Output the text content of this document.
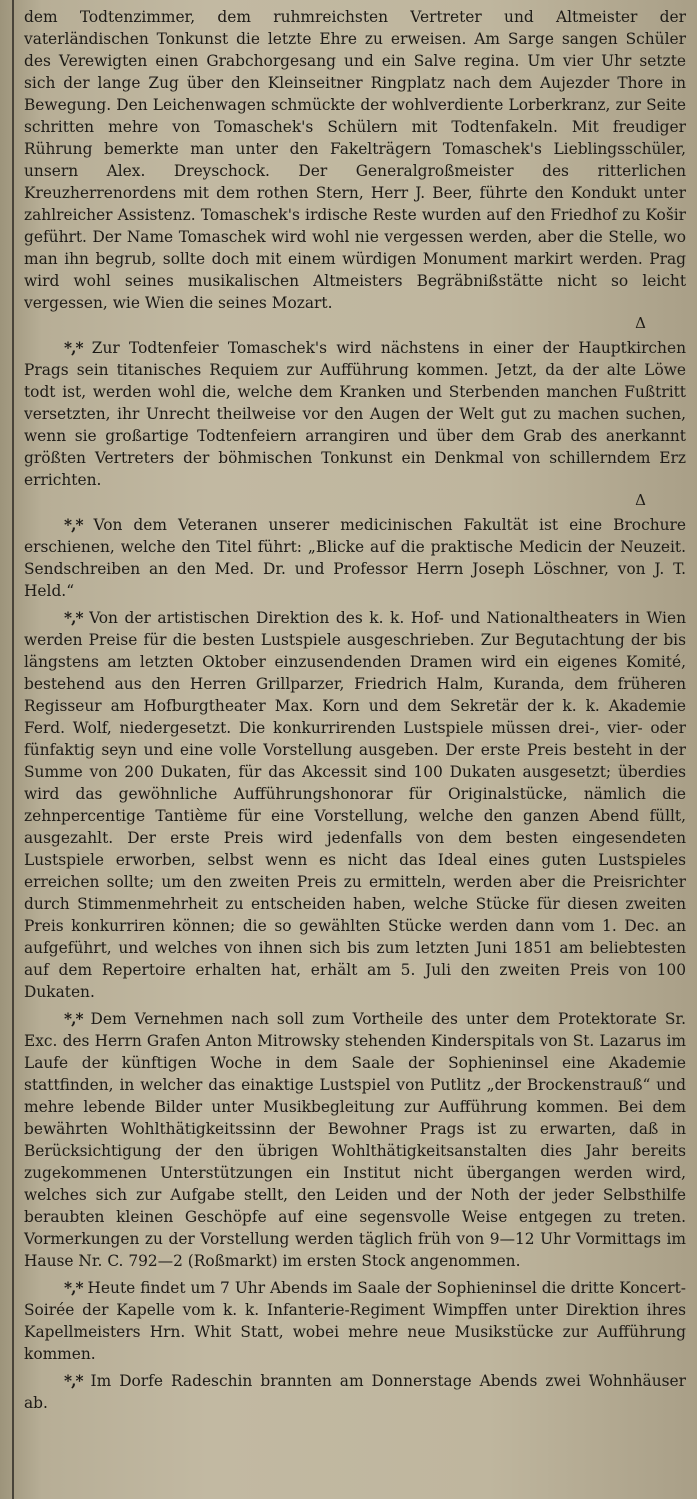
dem Todtenzimmer, dem ruhmreichsten Vertreter und Altmeister der vaterländischen Tonkunst die letzte Ehre zu erweisen. Am Sarge sangen Schüler des Verewigten einen Grabchorgesang und ein Salve regina. Um vier Uhr setzte sich der lange Zug über den Kleinseitner Ringplatz nach dem Aujezder Thore in Bewegung. Den Leichenwagen schmückte der wohlverdiente Lorberkranz, zur Seite schritten mehre von Tomaschek's Schülern mit Todtenfakeln. Mit freudiger Rührung bemerkte man unter den Fakelträgern Tomaschek's Lieblingsschüler, unsern Alex. Dreyschock. Der Generalgroßmeister des ritterlichen Kreuzherrenordens mit dem rothen Stern, Herr J. Beer, führte den Kondukt unter zahlreicher Assistenz. Tomaschek's irdische Reste wurden auf den Friedhof zu Košir geführt. Der Name Tomaschek wird wohl nie vergessen werden, aber die Stelle, wo man ihn begrub, sollte doch mit einem würdigen Monument markirt werden. Prag wird wohl seines musikalischen Altmeisters Begräbnißstätte nicht so leicht vergessen, wie Wien die seines Mozart.

Δ

*,* Zur Todtenfeier Tomaschek's wird nächstens in einer der Hauptkirchen Prags sein titanisches Requiem zur Aufführung kommen. Jetzt, da der alte Löwe todt ist, werden wohl die, welche dem Kranken und Sterbenden manchen Fußtritt versetzten, ihr Unrecht theilweise vor den Augen der Welt gut zu machen suchen, wenn sie großartige Todtenfeiern arrangiren und über dem Grab des anerkannt größten Vertreters der böhmischen Tonkunst ein Denkmal von schillerndem Erz errichten.

Δ

*,* Von dem Veteranen unserer medicinischen Fakultät ist eine Brochure erschienen, welche den Titel führt: „Blicke auf die praktische Medicin der Neuzeit. Sendschreiben an den Med. Dr. und Professor Herrn Joseph Löschner, von J. T. Held.“

*,* Von der artistischen Direktion des k. k. Hof- und Nationaltheaters in Wien werden Preise für die besten Lustspiele ausgeschrieben. Zur Begutachtung der bis längstens am letzten Oktober einzusendenden Dramen wird ein eigenes Komité, bestehend aus den Herren Grillparzer, Friedrich Halm, Kuranda, dem früheren Regisseur am Hofburgtheater Max. Korn und dem Sekretär der k. k. Akademie Ferd. Wolf, niedergesetzt. Die konkurrirenden Lustspiele müssen drei-, vier- oder fünfaktig seyn und eine volle Vorstellung ausgeben. Der erste Preis besteht in der Summe von 200 Dukaten, für das Akcessit sind 100 Dukaten ausgesetzt; überdies wird das gewöhnliche Aufführungshonorar für Originalstücke, nämlich die zehnpercentige Tantième für eine Vorstellung, welche den ganzen Abend füllt, ausgezahlt. Der erste Preis wird jedenfalls von dem besten eingesendeten Lustspiele erworben, selbst wenn es nicht das Ideal eines guten Lustspieles erreichen sollte; um den zweiten Preis zu ermitteln, werden aber die Preisrichter durch Stimmenmehrheit zu entscheiden haben, welche Stücke für diesen zweiten Preis konkurriren können; die so gewählten Stücke werden dann vom 1. Dec. an aufgeführt, und welches von ihnen sich bis zum letzten Juni 1851 am beliebtesten auf dem Repertoire erhalten hat, erhält am 5. Juli den zweiten Preis von 100 Dukaten.

*,* Dem Vernehmen nach soll zum Vortheile des unter dem Protektorate Sr. Exc. des Herrn Grafen Anton Mitrowsky stehenden Kinderspitals von St. Lazarus im Laufe der künftigen Woche in dem Saale der Sophieninsel eine Akademie stattfinden, in welcher das einaktige Lustspiel von Putlitz „der Brockenstrauß“ und mehre lebende Bilder unter Musikbegleitung zur Aufführung kommen. Bei dem bewährten Wohlthätigkeitssinn der Bewohner Prags ist zu erwarten, daß in Berücksichtigung der den übrigen Wohlthätigkeitsanstalten dies Jahr bereits zugekommenen Unterstützungen ein Institut nicht übergangen werden wird, welches sich zur Aufgabe stellt, den Leiden und der Noth der jeder Selbsthilfe beraubten kleinen Geschöpfe auf eine segensvolle Weise entgegen zu treten. Vormerkungen zu der Vorstellung werden täglich früh von 9—12 Uhr Vormittags im Hause Nr. C. 792—2 (Roßmarkt) im ersten Stock angenommen.

*,* Heute findet um 7 Uhr Abends im Saale der Sophieninsel die dritte Koncert-Soirée der Kapelle vom k. k. Infanterie-Regiment Wimpffen unter Direktion ihres Kapellmeisters Hrn. Whit Statt, wobei mehre neue Musikstücke zur Aufführung kommen.

*,* Im Dorfe Radeschin brannten am Donnerstage Abends zwei Wohnhäuser ab.
